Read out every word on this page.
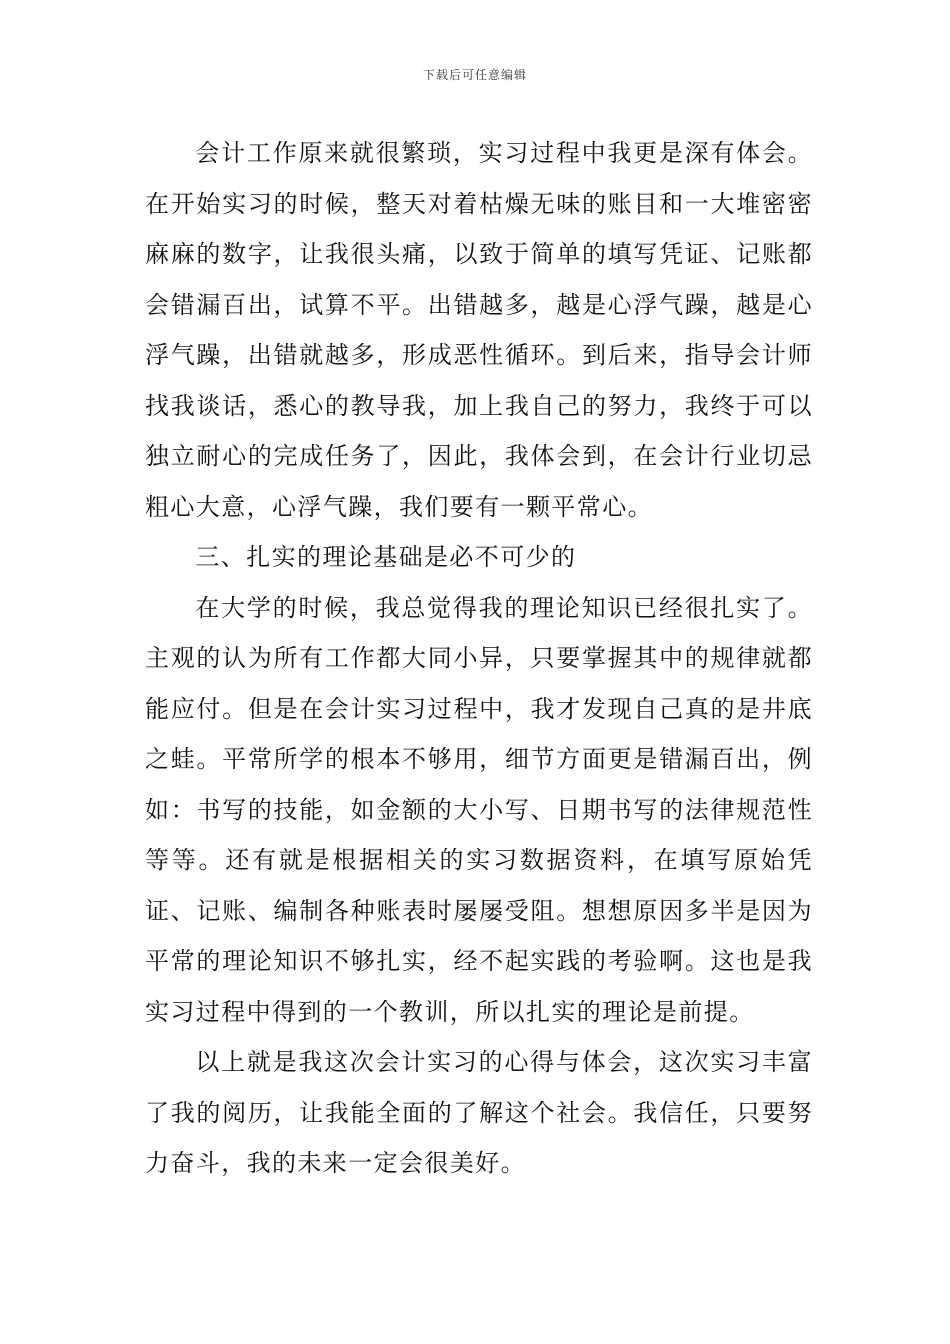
下载后可任意编辑

会计工作原来就很繁琐，实习过程中我更是深有体会。在开始实习的时候，整天对着枯燥无味的账目和一大堆密密麻麻的数字，让我很头痛，以致于简单的填写凭证、记账都会错漏百出，试算不平。出错越多，越是心浮气躁，越是心浮气躁，出错就越多，形成恶性循环。到后来，指导会计师找我谈话，悉心的教导我，加上我自己的努力，我终于可以独立耐心的完成任务了，因此，我体会到，在会计行业切忌粗心大意，心浮气躁，我们要有一颗平常心。

三、扎实的理论基础是必不可少的

在大学的时候，我总觉得我的理论知识已经很扎实了。主观的认为所有工作都大同小异，只要掌握其中的规律就都能应付。但是在会计实习过程中，我才发现自己真的是井底之蛙。平常所学的根本不够用，细节方面更是错漏百出，例如：书写的技能，如金额的大小写、日期书写的法律规范性等等。还有就是根据相关的实习数据资料，在填写原始凭证、记账、编制各种账表时屡屡受阻。想想原因多半是因为平常的理论知识不够扎实，经不起实践的考验啊。这也是我实习过程中得到的一个教训，所以扎实的理论是前提。

以上就是我这次会计实习的心得与体会，这次实习丰富了我的阅历，让我能全面的了解这个社会。我信任，只要努力奋斗，我的未来一定会很美好。
